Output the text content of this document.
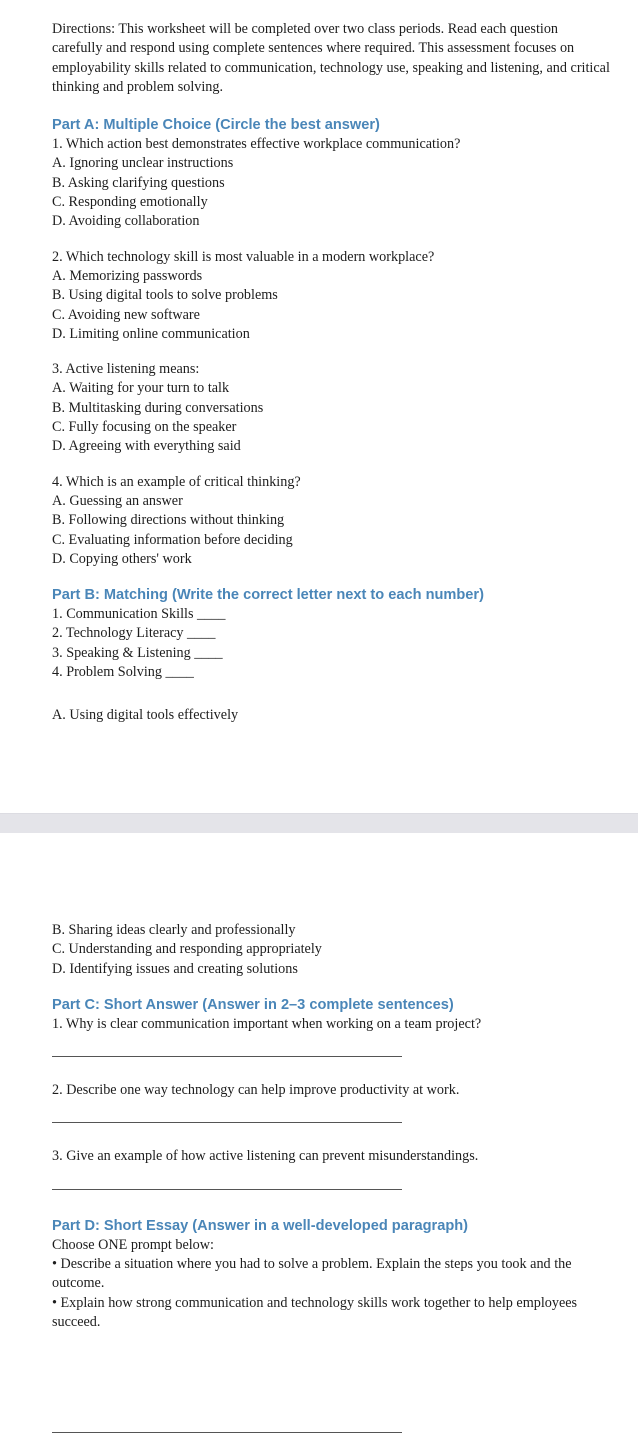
Directions: This worksheet will be completed over two class periods. Read each question carefully and respond using complete sentences where required. This assessment focuses on employability skills related to communication, technology use, speaking and listening, and critical thinking and problem solving.

Part A: Multiple Choice (Circle the best answer)

1. Which action best demonstrates effective workplace communication?

A. Ignoring unclear instructions

B. Asking clarifying questions

C. Responding emotionally

D. Avoiding collaboration

2. Which technology skill is most valuable in a modern workplace?

A. Memorizing passwords

B. Using digital tools to solve problems

C. Avoiding new software

D. Limiting online communication

3. Active listening means:

A. Waiting for your turn to talk

B. Multitasking during conversations

C. Fully focusing on the speaker

D. Agreeing with everything said

4. Which is an example of critical thinking?

A. Guessing an answer

B. Following directions without thinking

C. Evaluating information before deciding

D. Copying others' work

Part B: Matching (Write the correct letter next to each number)

1. Communication Skills ____

2. Technology Literacy ____

3. Speaking & Listening ____

4. Problem Solving ____

A. Using digital tools effectively

B. Sharing ideas clearly and professionally

C. Understanding and responding appropriately

D. Identifying issues and creating solutions

Part C: Short Answer (Answer in 2–3 complete sentences)

1. Why is clear communication important when working on a team project?

2. Describe one way technology can help improve productivity at work.

3. Give an example of how active listening can prevent misunderstandings.

Part D: Short Essay (Answer in a well-developed paragraph)

Choose ONE prompt below:

• Describe a situation where you had to solve a problem. Explain the steps you took and the outcome.

• Explain how strong communication and technology skills work together to help employees succeed.
